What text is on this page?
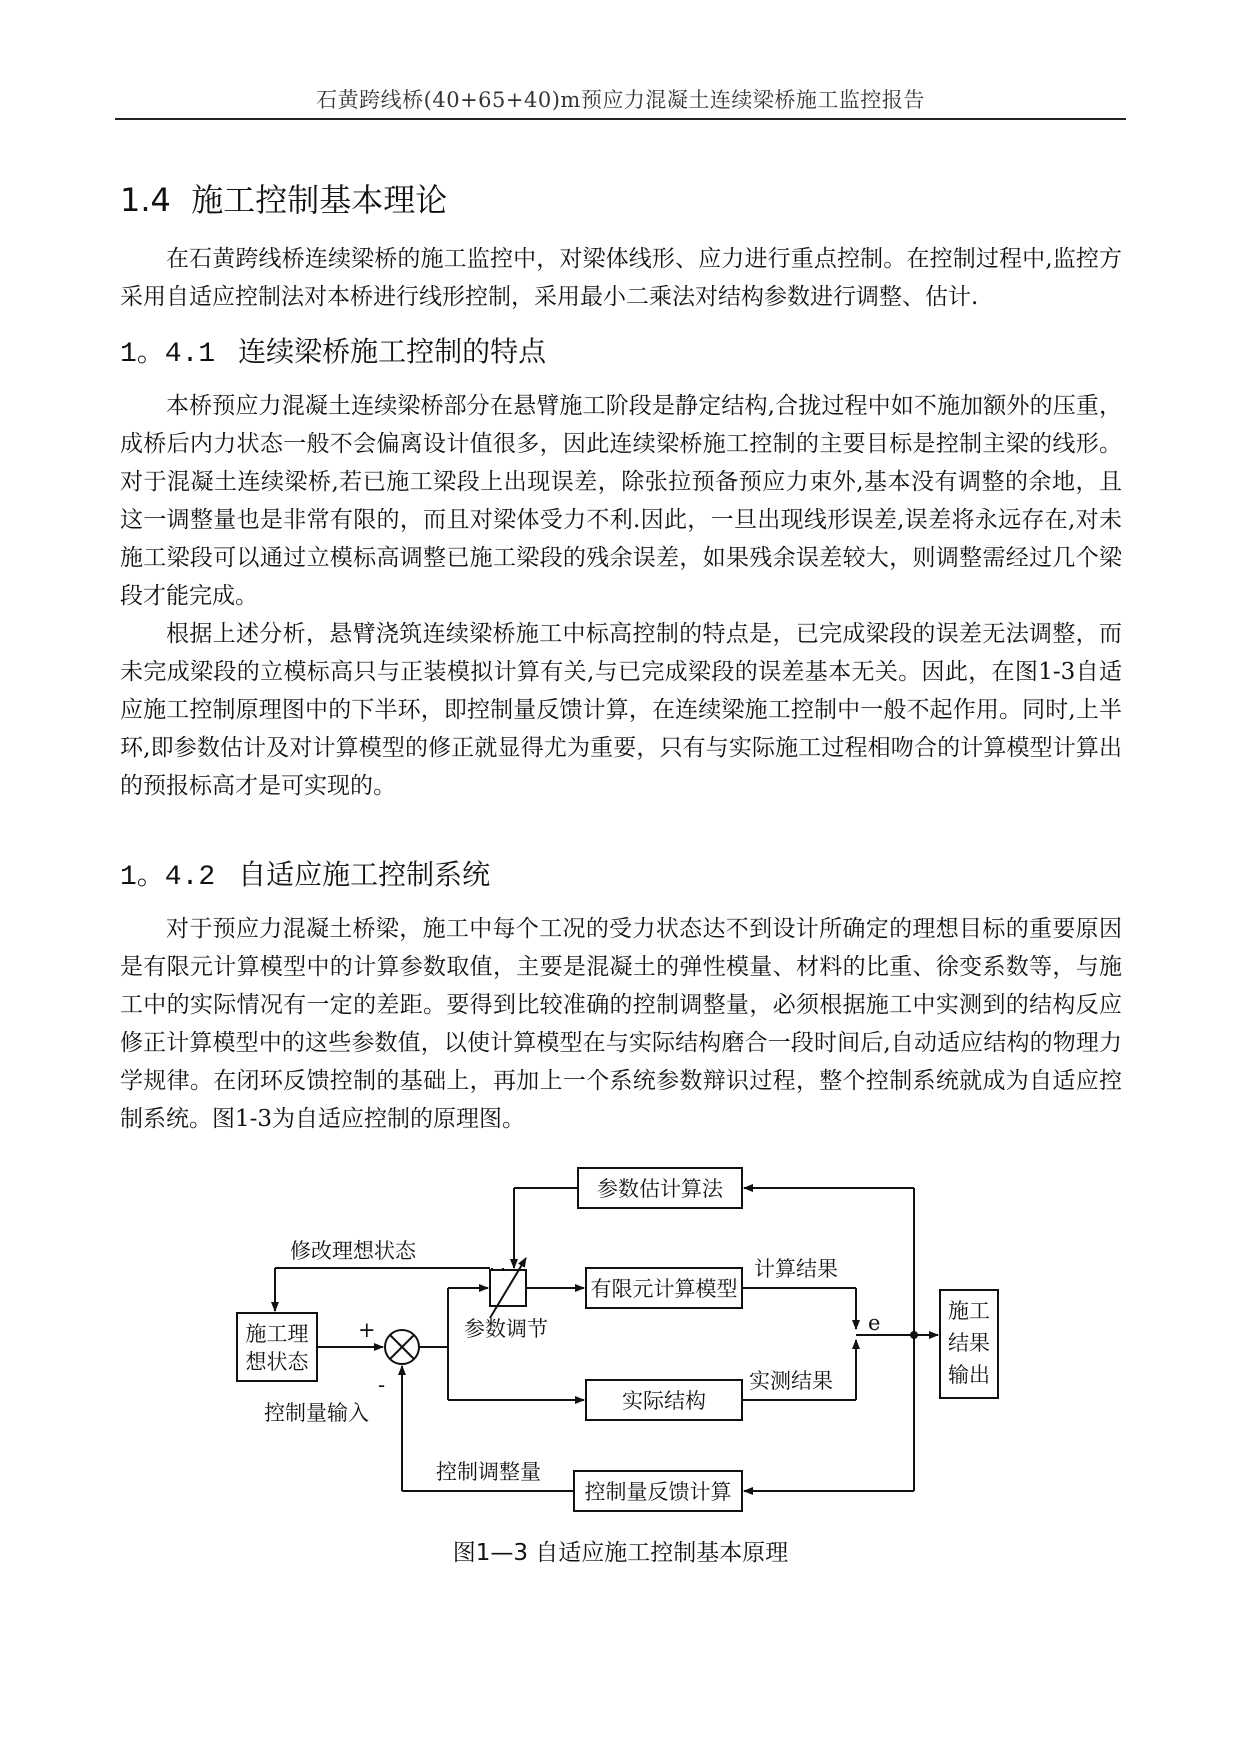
石黄跨线桥(40+65+40)m预应力混凝土连续梁桥施工监控报告
1.4 施工控制基本理论

在石黄跨线桥连续梁桥的施工监控中，对梁体线形、应力进行重点控制。在控制过程中,监控方采用自适应控制法对本桥进行线形控制，采用最小二乘法对结构参数进行调整、估计.

1。4.1 连续梁桥施工控制的特点

本桥预应力混凝土连续梁桥部分在悬臂施工阶段是静定结构,合拢过程中如不施加额外的压重，成桥后内力状态一般不会偏离设计值很多，因此连续梁桥施工控制的主要目标是控制主梁的线形。对于混凝土连续梁桥,若已施工梁段上出现误差，除张拉预备预应力束外,基本没有调整的余地，且这一调整量也是非常有限的，而且对梁体受力不利.因此，一旦出现线形误差,误差将永远存在,对未施工梁段可以通过立模标高调整已施工梁段的残余误差，如果残余误差较大，则调整需经过几个梁段才能完成。

根据上述分析，悬臂浇筑连续梁桥施工中标高控制的特点是，已完成梁段的误差无法调整，而未完成梁段的立模标高只与正装模拟计算有关,与已完成梁段的误差基本无关。因此，在图1-3自适应施工控制原理图中的下半环，即控制量反馈计算，在连续梁施工控制中一般不起作用。同时,上半环,即参数估计及对计算模型的修正就显得尤为重要，只有与实际施工过程相吻合的计算模型计算出的预报标高才是可实现的。

1。4.2 自适应施工控制系统

对于预应力混凝土桥梁，施工中每个工况的受力状态达不到设计所确定的理想目标的重要原因是有限元计算模型中的计算参数取值，主要是混凝土的弹性模量、材料的比重、徐变系数等，与施工中的实际情况有一定的差距。要得到比较准确的控制调整量，必须根据施工中实测到的结构反应修正计算模型中的这些参数值，以使计算模型在与实际结构磨合一段时间后,自动适应结构的物理力学规律。在闭环反馈控制的基础上，再加上一个系统参数辩识过程，整个控制系统就成为自适应控制系统。图1-3为自适应控制的原理图。

参数估计算法
有限元计算模型
实际结构
控制量反馈计算
施工理
想状态
施工
结果
输出
修改理想状态
计算结果
实测结果
参数调节	e
+
-
控制量输入
控制调整量
图1—3 自适应施工控制基本原理
